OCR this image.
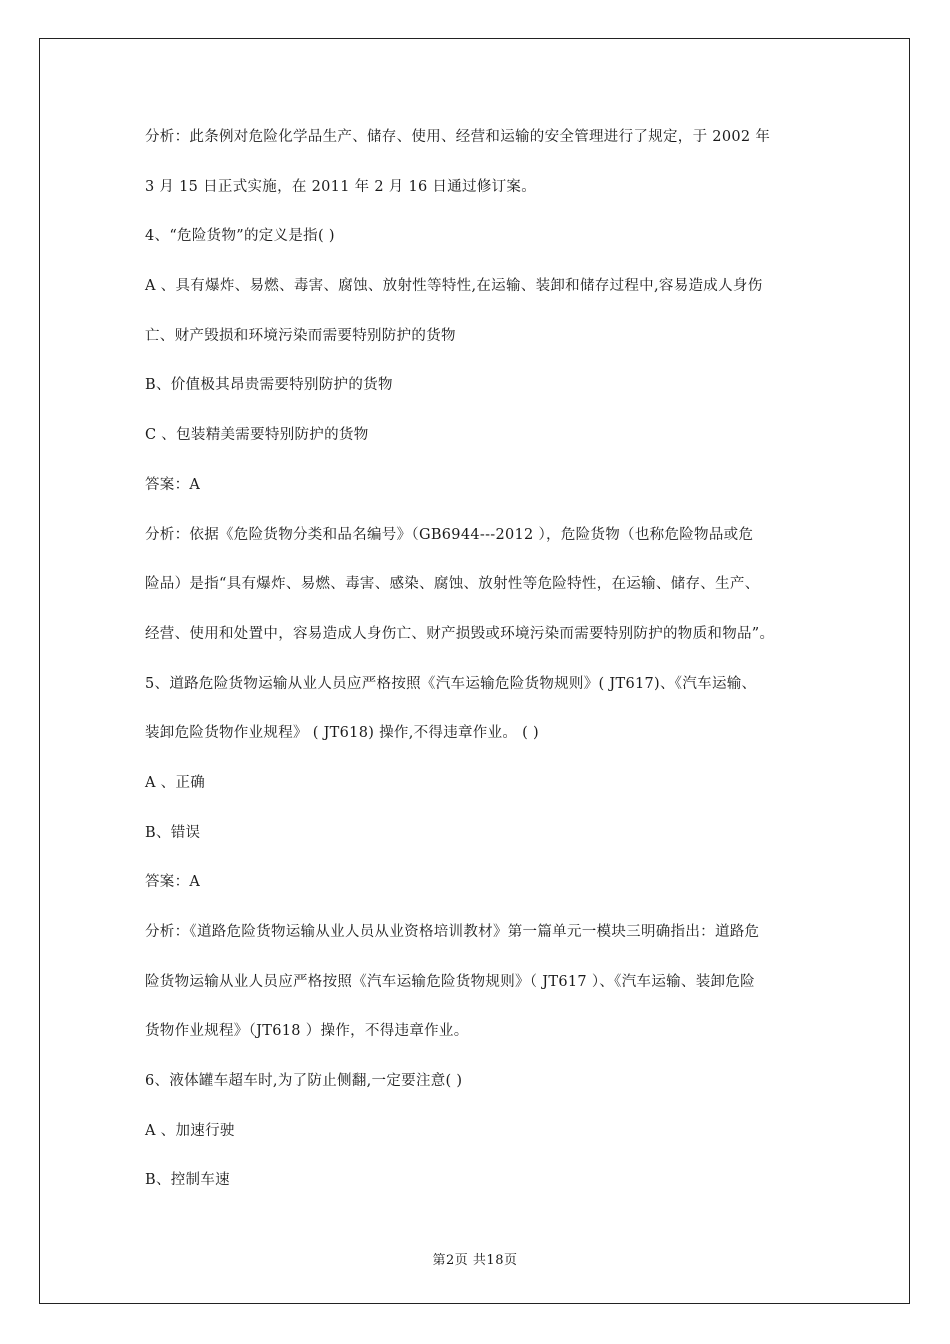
分析：此条例对危险化学品生产、储存、使用、经营和运输的安全管理进行了规定，于 2002 年
3 月 15 日正式实施，在 2011 年 2 月 16 日通过修订案。
4、“危险货物”的定义是指( )
A 、具有爆炸、易燃、毒害、腐蚀、放射性等特性,在运输、装卸和储存过程中,容易造成人身伤
亡、财产毁损和环境污染而需要特别防护的货物
B、价值极其昂贵需要特别防护的货物
C 、包装精美需要特别防护的货物
答案：A
分析：依据《危险货物分类和品名编号》（GB6944---2012 ），危险货物（也称危险物品或危
险品）是指“具有爆炸、易燃、毒害、感染、腐蚀、放射性等危险特性，在运输、储存、生产、
经营、使用和处置中，容易造成人身伤亡、财产损毁或环境污染而需要特别防护的物质和物品”。
5、道路危险货物运输从业人员应严格按照《汽车运输危险货物规则》( JT617)、《汽车运输、
装卸危险货物作业规程》 ( JT618) 操作,不得违章作业。 ( )
A 、正确
B、错误
答案：A
分析：《道路危险货物运输从业人员从业资格培训教材》第一篇单元一模块三明确指出：道路危
险货物运输从业人员应严格按照《汽车运输危险货物规则》（ JT617 ）、《汽车运输、装卸危险
货物作业规程》（JT618 ）操作，不得违章作业。
6、液体罐车超车时,为了防止侧翻,一定要注意( )
A 、加速行驶
B、控制车速
第2页 共18页
